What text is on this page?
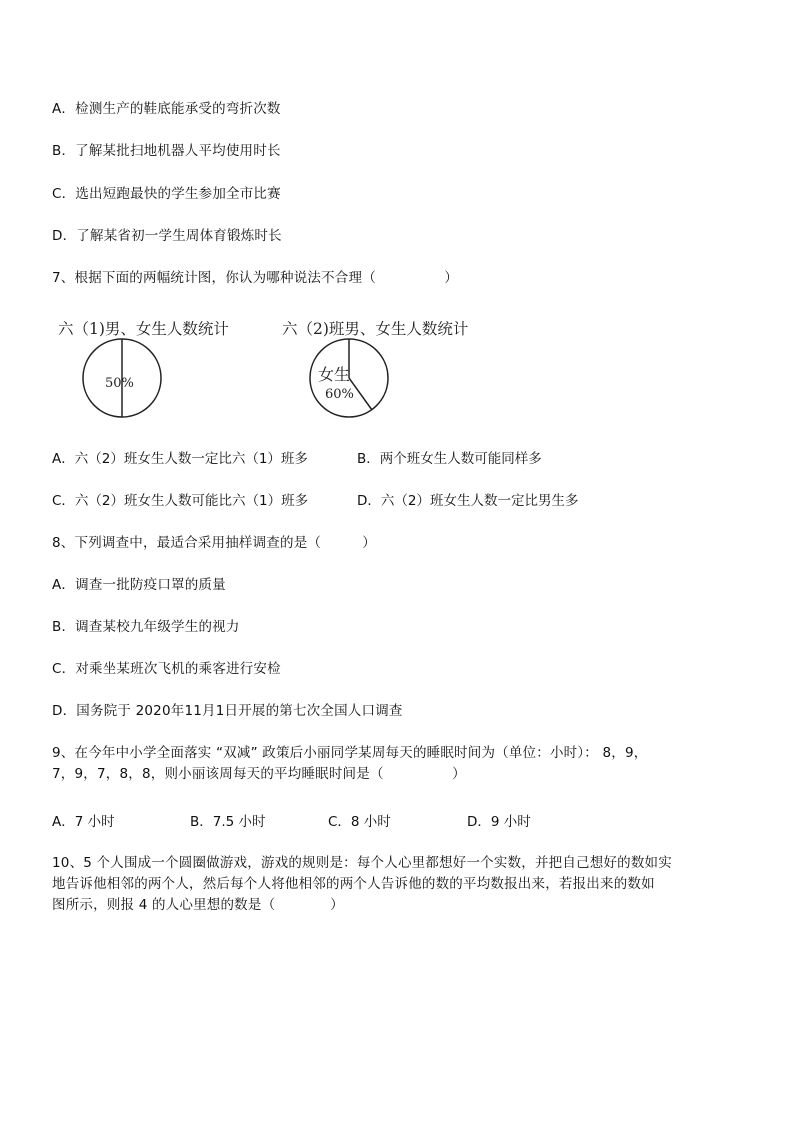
A．检测生产的鞋底能承受的弯折次数
B．了解某批扫地机器人平均使用时长
C．选出短跑最快的学生参加全市比赛
D．了解某省初一学生周体育锻炼时长
7、根据下面的两幅统计图，你认为哪种说法不合理（　　　　　）
六（1)男、女生人数统计
50%
六（2)班男、女生人数统计
女生
60%
A．六（2）班女生人数一定比六（1）班多	B．两个班女生人数可能同样多
C．六（2）班女生人数可能比六（1）班多	D．六（2）班女生人数一定比男生多
8、下列调查中，最适合采用抽样调查的是（　　　）
A．调查一批防疫口罩的质量
B．调查某校九年级学生的视力
C．对乘坐某班次飞机的乘客进行安检
D．国务院于 2020年11月1日开展的第七次全国人口调查
9、在今年中小学全面落实 “双减” 政策后小丽同学某周每天的睡眠时间为（单位：小时）： 8，9，
7，9，7，8，8，则小丽该周每天的平均睡眠时间是（　　　　　）
A．7 小时	B．7.5 小时	C．8 小时	D．9 小时
10、5 个人围成一个圆圈做游戏，游戏的规则是：每个人心里都想好一个实数，并把自己想好的数如实
地告诉他相邻的两个人，然后每个人将他相邻的两个人告诉他的数的平均数报出来，若报出来的数如
图所示，则报 4 的人心里想的数是（　　　　）
